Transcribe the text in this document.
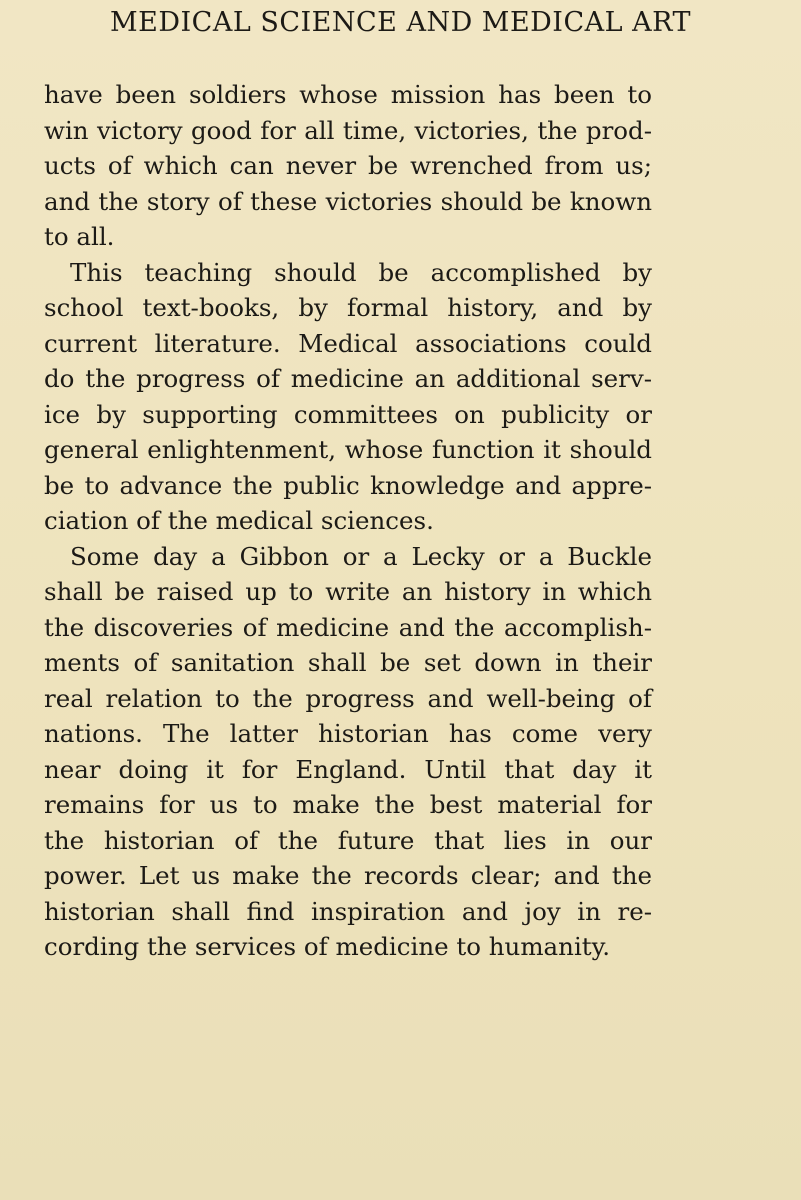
MEDICAL SCIENCE AND MEDICAL ART
have been soldiers whose mission has been to
win victory good for all time, victories, the prod-
ucts of which can never be wrenched from us;
and the story of these victories should be known
to all.
This teaching should be accomplished by
school text-books, by formal history, and by
current literature. Medical associations could
do the progress of medicine an additional serv-
ice by supporting committees on publicity or
general enlightenment, whose function it should
be to advance the public knowledge and appre-
ciation of the medical sciences.
Some day a Gibbon or a Lecky or a Buckle
shall be raised up to write an history in which
the discoveries of medicine and the accomplish-
ments of sanitation shall be set down in their
real relation to the progress and well-being of
nations. The latter historian has come very
near doing it for England. Until that day it
remains for us to make the best material for
the historian of the future that lies in our
power. Let us make the records clear; and the
historian shall find inspiration and joy in re-
cording the services of medicine to humanity.
